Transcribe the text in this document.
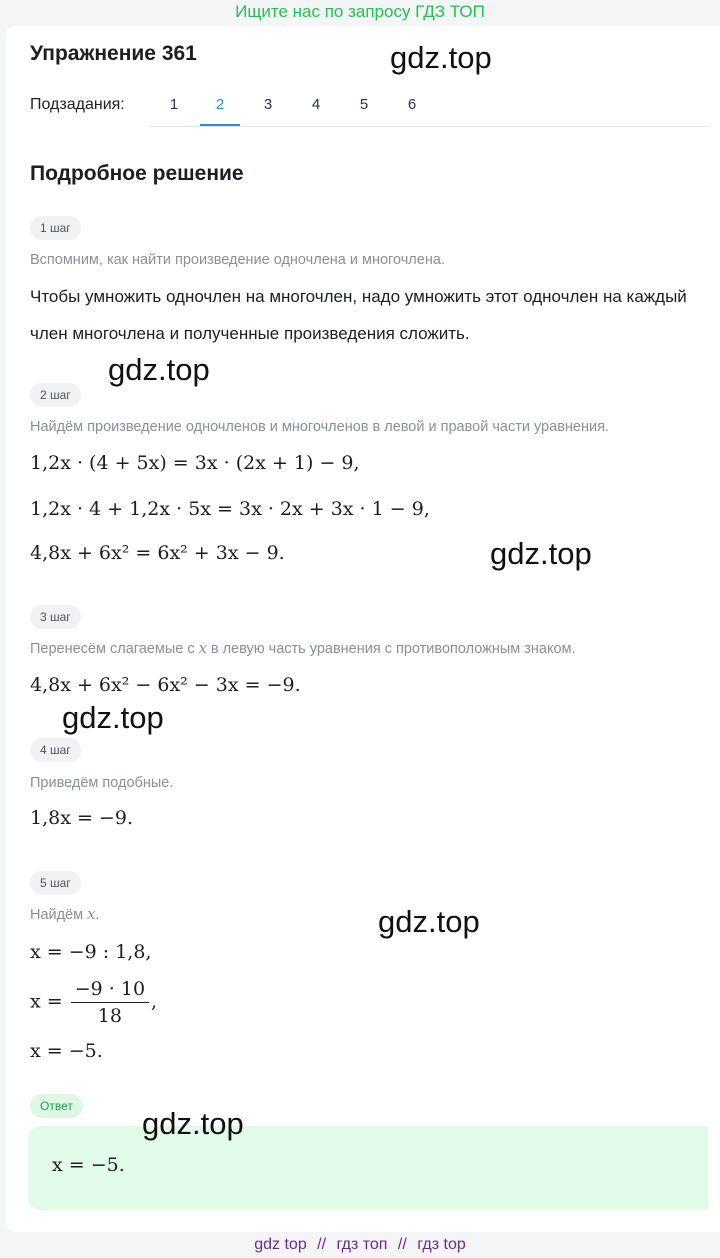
Ищите нас по запросу ГДЗ ТОП
Упражнение 361
Подзадания:	1	2	3	4	5	6
Подробное решение
1 шаг
Вспомним, как найти произведение одночлена и многочлена.
Чтобы умножить одночлен на многочлен, надо умножить этот одночлен на каждый член многочлена и полученные произведения сложить.
2 шаг
Найдём произведение одночленов и многочленов в левой и правой части уравнения.
1,2x · (4 + 5x) = 3x · (2x + 1) − 9,
1,2x · 4 + 1,2x · 5x = 3x · 2x + 3x · 1 − 9,
4,8x + 6x² = 6x² + 3x − 9.
3 шаг
Перенесём слагаемые с x в левую часть уравнения с противоположным знаком.
4,8x + 6x² − 6x² − 3x = −9.
4 шаг
Приведём подобные.
1,8x = −9.
5 шаг
Найдём x.
x = −9 : 1,8,
$x = \frac{-9 \cdot 10}{18}$ ,
x = −5.
Ответ
x = −5.
gdz.top
gdz.top
gdz.top
gdz.top
gdz.top
gdz.top
gdz top // гдз топ // гдз top
